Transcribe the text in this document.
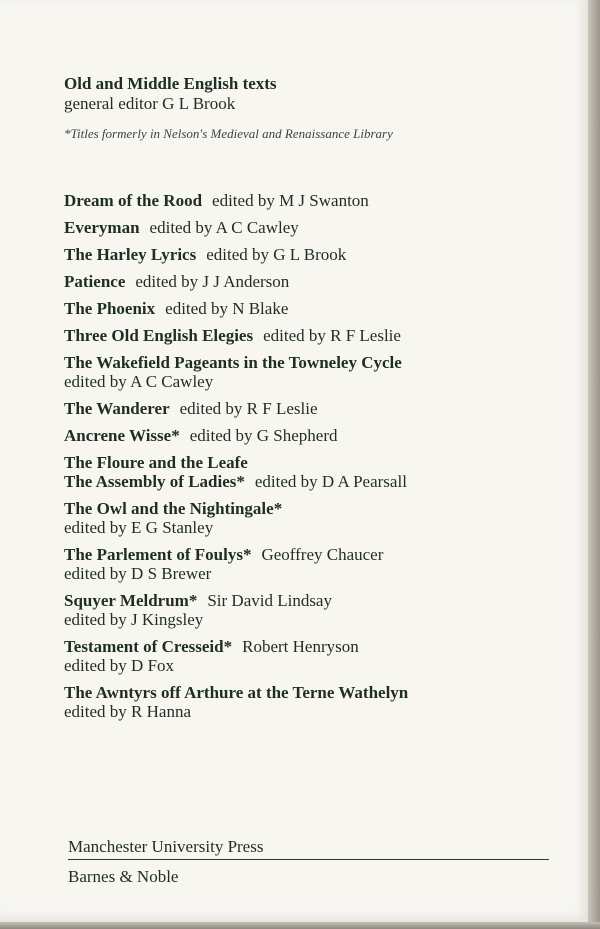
Old and Middle English texts
general editor G L Brook
*Titles formerly in Nelson's Medieval and Renaissance Library
Dream of the Rood edited by M J Swanton
Everyman edited by A C Cawley
The Harley Lyrics edited by G L Brook
Patience edited by J J Anderson
The Phoenix edited by N Blake
Three Old English Elegies edited by R F Leslie
The Wakefield Pageants in the Towneley Cycle
edited by A C Cawley
The Wanderer edited by R F Leslie
Ancrene Wisse* edited by G Shepherd
The Floure and the Leafe
The Assembly of Ladies* edited by D A Pearsall
The Owl and the Nightingale*
edited by E G Stanley
The Parlement of Foulys* Geoffrey Chaucer
edited by D S Brewer
Squyer Meldrum* Sir David Lindsay
edited by J Kingsley
Testament of Cresseid* Robert Henryson
edited by D Fox
The Awntyrs off Arthure at the Terne Wathelyn
edited by R Hanna
Manchester University Press
Barnes & Noble
